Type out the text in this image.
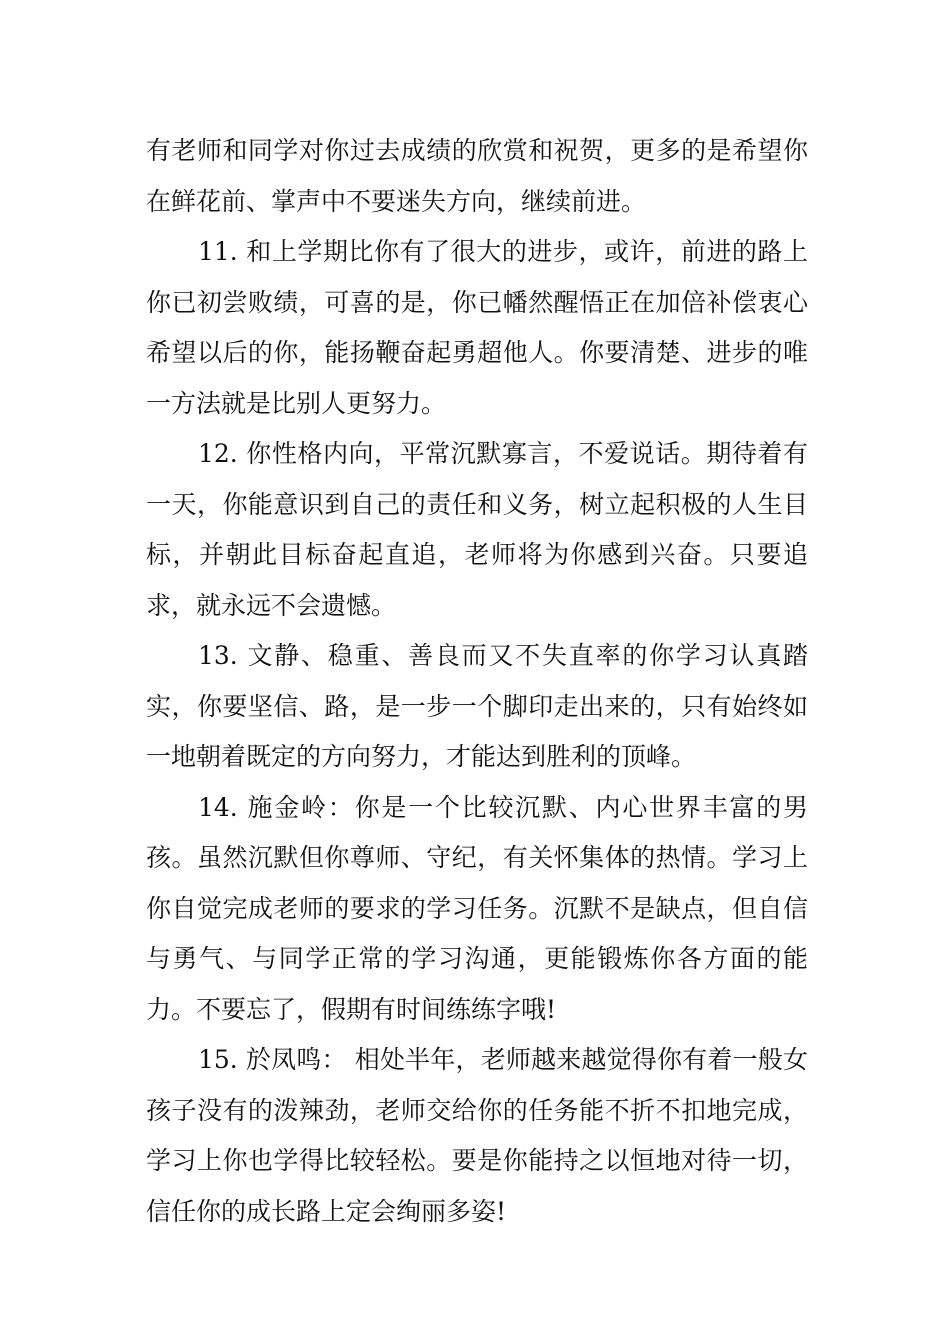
有老师和同学对你过去成绩的欣赏和祝贺，更多的是希望你在鲜花前、掌声中不要迷失方向，继续前进。

11. 和上学期比你有了很大的进步，或许，前进的路上你已初尝败绩，可喜的是，你已幡然醒悟正在加倍补偿衷心希望以后的你，能扬鞭奋起勇超他人。你要清楚、进步的唯一方法就是比别人更努力。

12. 你性格内向，平常沉默寡言，不爱说话。期待着有一天，你能意识到自己的责任和义务，树立起积极的人生目标，并朝此目标奋起直追，老师将为你感到兴奋。只要追求，就永远不会遗憾。

13. 文静、稳重、善良而又不失直率的你学习认真踏实，你要坚信、路，是一步一个脚印走出来的，只有始终如一地朝着既定的方向努力，才能达到胜利的顶峰。

14. 施金岭：你是一个比较沉默、内心世界丰富的男孩。虽然沉默但你尊师、守纪，有关怀集体的热情。学习上你自觉完成老师的要求的学习任务。沉默不是缺点，但自信与勇气、与同学正常的学习沟通，更能锻炼你各方面的能力。不要忘了，假期有时间练练字哦!

15. 於凤鸣： 相处半年，老师越来越觉得你有着一般女孩子没有的泼辣劲，老师交给你的任务能不折不扣地完成，学习上你也学得比较轻松。要是你能持之以恒地对待一切，信任你的成长路上定会绚丽多姿!
